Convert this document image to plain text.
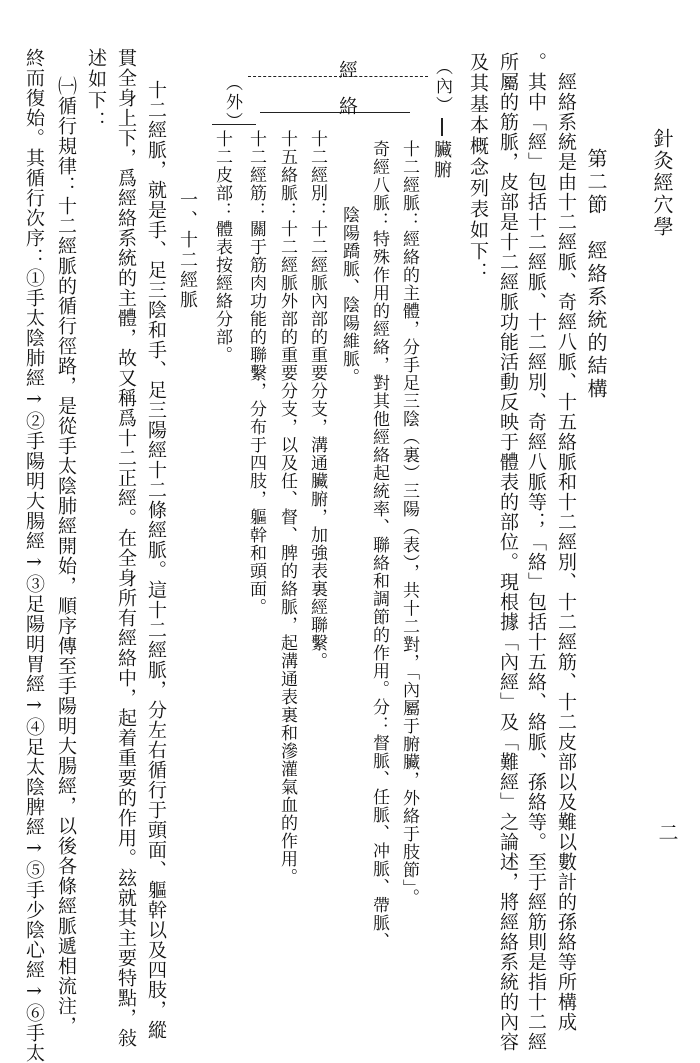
針灸經穴學
二
第二節　經絡系統的結構
經絡系統是由十二經脈、奇經八脈、十五絡脈和十二經別、十二經筋、十二皮部以及難以數計的孫絡等所構成
。其中「經」包括十二經脈、十二經別、奇經八脈等；「絡」包括十五絡、絡脈、孫絡等。至于經筋則是指十二經
所屬的筋脈，皮部是十二經脈功能活動反映于體表的部位。現根據「內經」及「難經」之論述，將經絡系統的內容
及其基本概念列表如下：
（內）
臟腑
經
絡
（外）
十二經脈：經絡的主體，分手足三陰（裏）三陽（表），共十二對，「內屬于腑臟，外絡于肢節」。
奇經八脈：特殊作用的經絡，對其他經絡起統率、聯絡和調節的作用。分：督脈、任脈、冲脈、帶脈、
陰陽蹻脈、陰陽維脈。
十二經別：十二經脈內部的重要分支，溝通臟腑，加強表裏經聯繫。
十五絡脈：十二經脈外部的重要分支，以及任、督、脾的絡脈，起溝通表裏和滲灌氣血的作用。
十二經筋：關于筋肉功能的聯繫，分布于四肢，軀幹和頭面。
十二皮部：體表按經絡分部。
一、十二經脈
十二經脈，就是手、足三陰和手、足三陽經十二條經脈。這十二經脈，分左右循行于頭面、軀幹以及四肢，縱
貫全身上下，爲經絡系統的主體，故又稱爲十二正經。在全身所有經絡中，起着重要的作用。玆就其主要特點，敍
述如下：
㈠循行規律：十二經脈的循行徑路，是從手太陰肺經開始，順序傳至手陽明大腸經，以後各條經脈遞相流注，
終而復始。其循行次序：①手太陰肺經→②手陽明大腸經→③足陽明胃經→④足太陰脾經→⑤手少陰心經→⑥手太
